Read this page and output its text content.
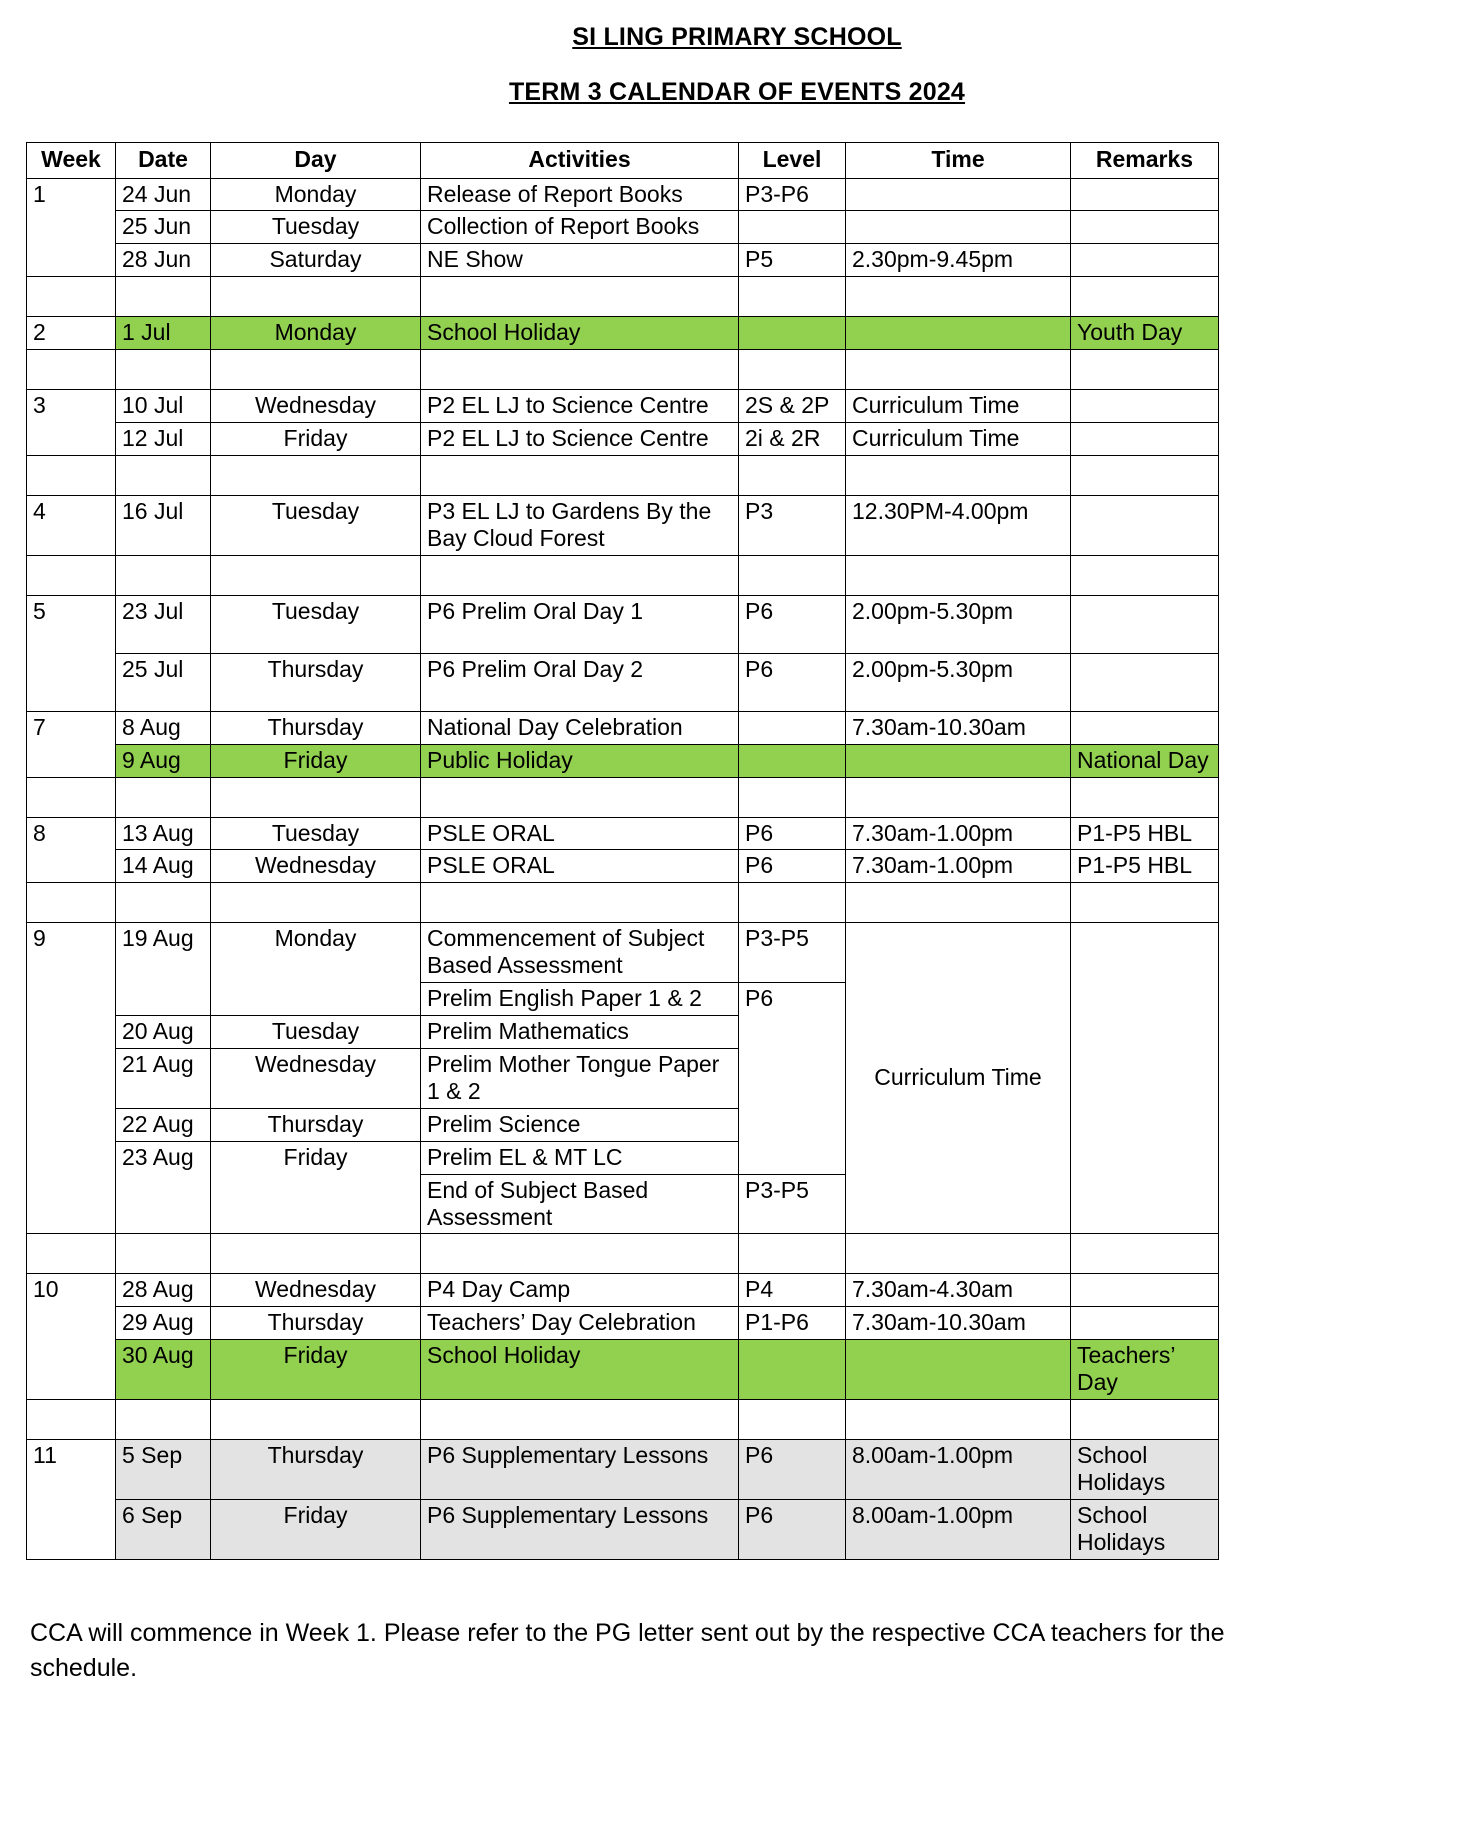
SI LING PRIMARY SCHOOL
TERM 3 CALENDAR OF EVENTS 2024
Week	Date	Day	Activities	Level	Time	Remarks
1	24 Jun	Monday	Release of Report Books	P3-P6		
	25 Jun	Tuesday	Collection of Report Books			
	28 Jun	Saturday	NE Show	P5	2.30pm-9.45pm	

2	1 Jul	Monday	School Holiday			Youth Day

3	10 Jul	Wednesday	P2 EL LJ to Science Centre	2S & 2P	Curriculum Time	
	12 Jul	Friday	P2 EL LJ to Science Centre	2i & 2R	Curriculum Time	

4	16 Jul	Tuesday	P3 EL LJ to Gardens By the Bay Cloud Forest	P3	12.30PM-4.00pm	

5	23 Jul	Tuesday	P6 Prelim Oral Day 1	P6	2.00pm-5.30pm	
	25 Jul	Thursday	P6 Prelim Oral Day 2	P6	2.00pm-5.30pm	
7	8 Aug	Thursday	National Day Celebration		7.30am-10.30am	
	9 Aug	Friday	Public Holiday			National Day

8	13 Aug	Tuesday	PSLE ORAL	P6	7.30am-1.00pm	P1-P5 HBL
	14 Aug	Wednesday	PSLE ORAL	P6	7.30am-1.00pm	P1-P5 HBL

9	19 Aug	Monday	Commencement of Subject Based Assessment	P3-P5	Curriculum Time	
			Prelim English Paper 1 & 2	P6		
	20 Aug	Tuesday	Prelim Mathematics			
	21 Aug	Wednesday	Prelim Mother Tongue Paper 1 & 2			
	22 Aug	Thursday	Prelim Science			
	23 Aug	Friday	Prelim EL & MT LC			
			End of Subject Based Assessment	P3-P5		

10	28 Aug	Wednesday	P4 Day Camp	P4	7.30am-4.30am	
	29 Aug	Thursday	Teachers’ Day Celebration	P1-P6	7.30am-10.30am	
	30 Aug	Friday	School Holiday			Teachers’ Day

11	5 Sep	Thursday	P6 Supplementary Lessons	P6	8.00am-1.00pm	School Holidays
	6 Sep	Friday	P6 Supplementary Lessons	P6	8.00am-1.00pm	School Holidays
CCA will commence in Week 1. Please refer to the PG letter sent out by the respective CCA teachers for the schedule.
